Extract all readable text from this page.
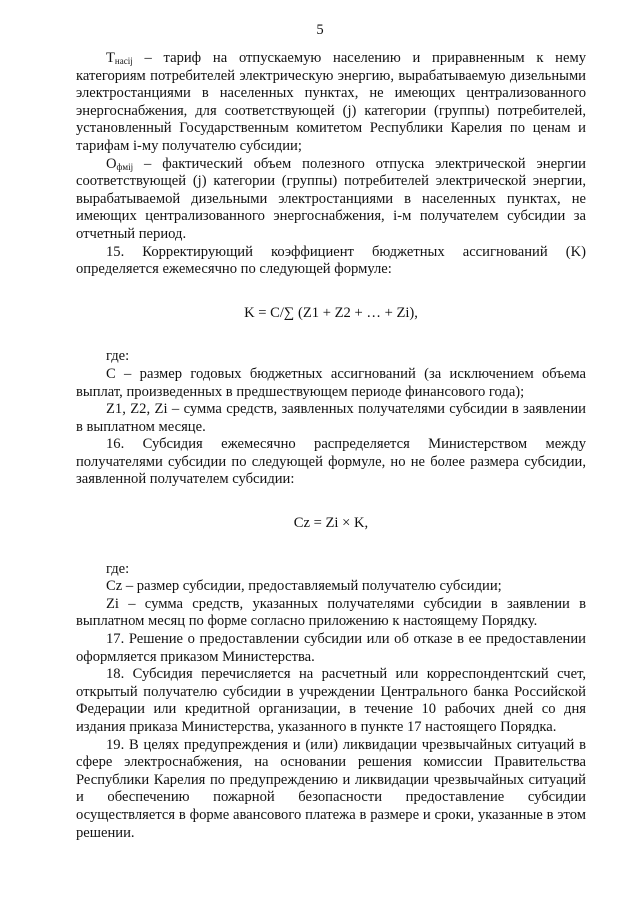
5

$T_{насij}$ – тариф на отпускаемую населению и приравненным к нему категориям потребителей электрическую энергию, вырабатываемую дизельными электростанциями в населенных пунктах, не имеющих централизованного энергоснабжения, для соответствующей (j) категории (группы) потребителей, установленный Государственным комитетом Республики Карелия по ценам и тарифам i-му получателю субсидии;

$O_{фмij}$ – фактический объем полезного отпуска электрической энергии соответствующей (j) категории (группы) потребителей электрической энергии, вырабатываемой дизельными электростанциями в населенных пунктах, не имеющих централизованного энергоснабжения, i-м получателем субсидии за отчетный период.

15. Корректирующий коэффициент бюджетных ассигнований (K) определяется ежемесячно по следующей формуле:

K = C/∑ (Z1 + Z2 + … + Zi),

где:

C – размер годовых бюджетных ассигнований (за исключением объема выплат, произведенных в предшествующем периоде финансового года);

Z1, Z2, Zi – сумма средств, заявленных получателями субсидии в заявлении в выплатном месяце.

16. Субсидия ежемесячно распределяется Министерством между получателями субсидии по следующей формуле, но не более размера субсидии, заявленной получателем субсидии:

Cz = Zi × K,

где:

Cz – размер субсидии, предоставляемый получателю субсидии;

Zi – сумма средств, указанных получателями субсидии в заявлении в выплатном месяц по форме согласно приложению к настоящему Порядку.

17. Решение о предоставлении субсидии или об отказе в ее предоставлении оформляется приказом Министерства.

18. Субсидия перечисляется на расчетный или корреспондентский счет, открытый получателю субсидии в учреждении Центрального банка Российской Федерации или кредитной организации, в течение 10 рабочих дней со дня издания приказа Министерства, указанного в пункте 17 настоящего Порядка.

19. В целях предупреждения и (или) ликвидации чрезвычайных ситуаций в сфере электроснабжения, на основании решения комиссии Правительства Республики Карелия по предупреждению и ликвидации чрезвычайных ситуаций и обеспечению пожарной безопасности предоставление субсидии осуществляется в форме авансового платежа в размере и сроки, указанные в этом решении.
